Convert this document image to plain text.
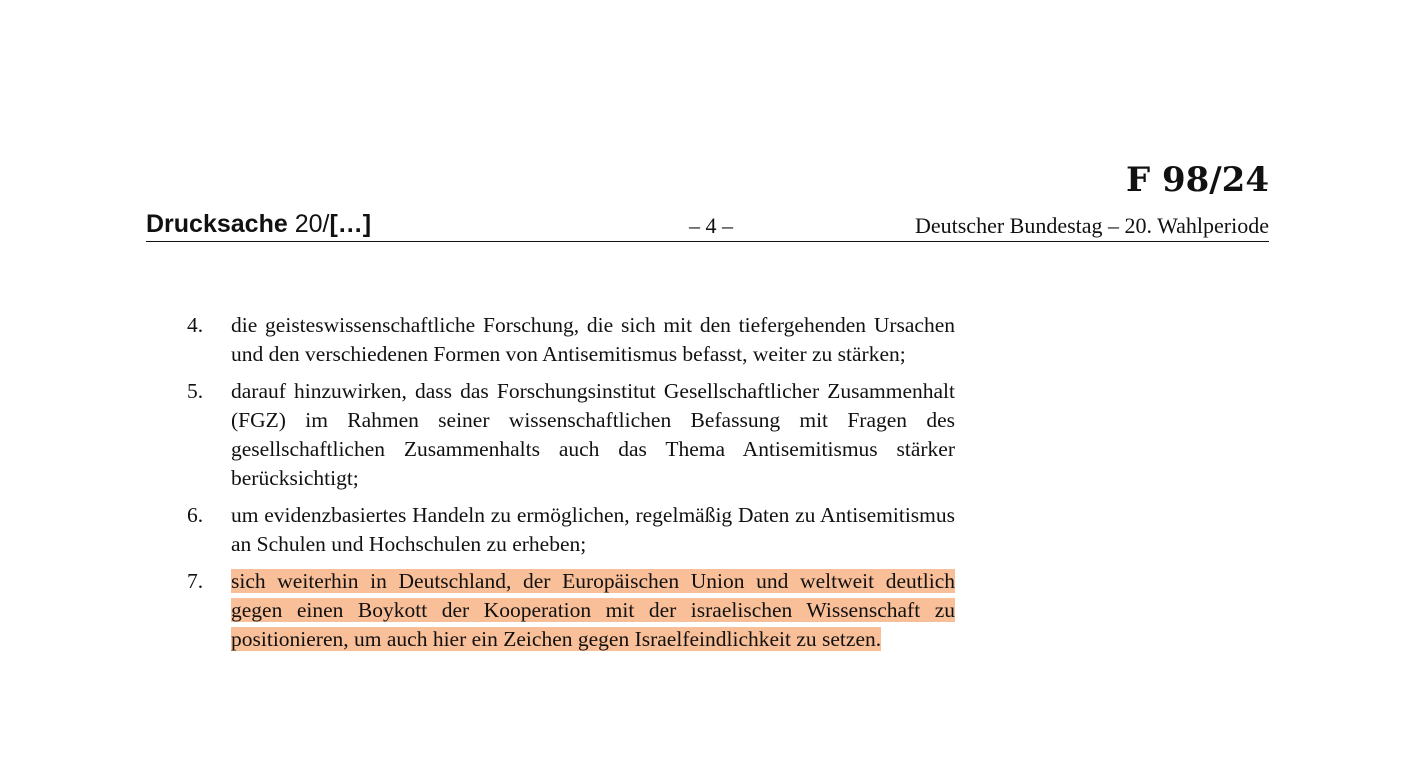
F 98/24
Drucksache 20/[…]	– 4 –	Deutscher Bundestag – 20. Wahlperiode
4.	die geisteswissenschaftliche Forschung, die sich mit den tiefergehenden Ursachen und den verschiedenen Formen von Antisemitismus befasst, weiter zu stärken;
5.	darauf hinzuwirken, dass das Forschungsinstitut Gesellschaftlicher Zusammenhalt (FGZ) im Rahmen seiner wissenschaftlichen Befassung mit Fragen des gesellschaftlichen Zusammenhalts auch das Thema Antisemitismus stärker berücksichtigt;
6.	um evidenzbasiertes Handeln zu ermöglichen, regelmäßig Daten zu Antisemitismus an Schulen und Hochschulen zu erheben;
7.	sich weiterhin in Deutschland, der Europäischen Union und weltweit deutlich gegen einen Boykott der Kooperation mit der israelischen Wissenschaft zu positionieren, um auch hier ein Zeichen gegen Israelfeindlichkeit zu setzen.
